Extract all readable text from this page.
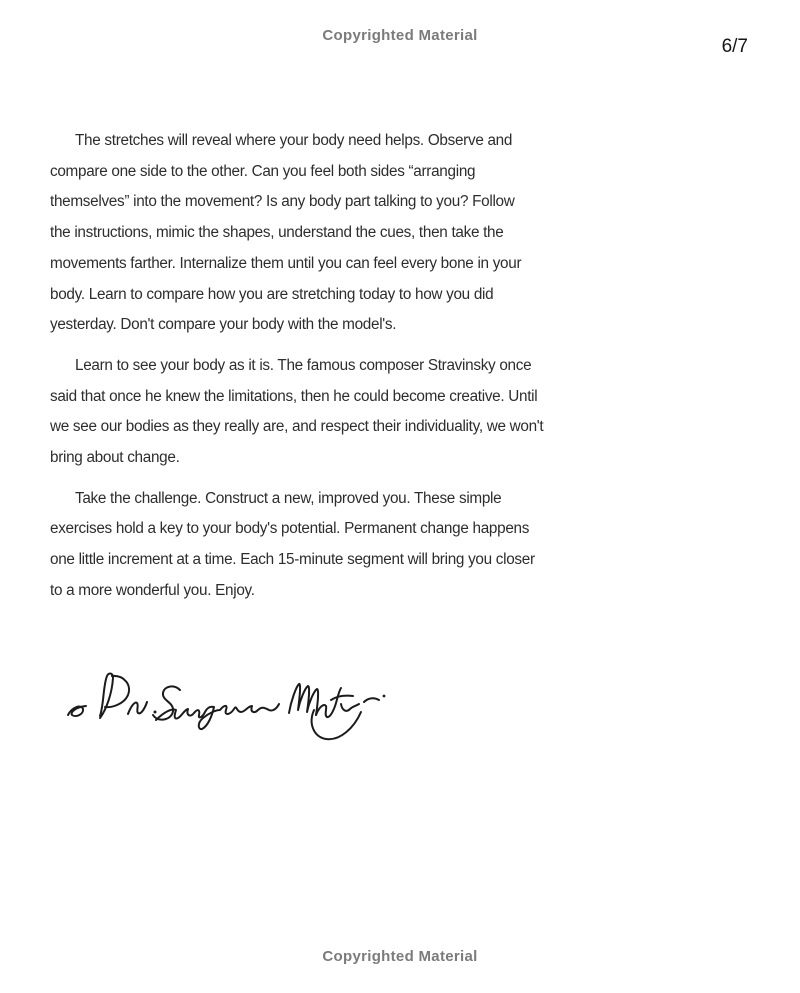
Copyrighted Material
6/7
The stretches will reveal where your body need helps. Observe and
compare one side to the other. Can you feel both sides “arranging
themselves” into the movement? Is any body part talking to you? Follow
the instructions, mimic the shapes, understand the cues, then take the
movements farther. Internalize them until you can feel every bone in your
body. Learn to compare how you are stretching today to how you did
yesterday. Don't compare your body with the model's.
Learn to see your body as it is. The famous composer Stravinsky once
said that once he knew the limitations, then he could become creative. Until
we see our bodies as they really are, and respect their individuality, we won't
bring about change.
Take the challenge. Construct a new, improved you. These simple
exercises hold a key to your body's potential. Permanent change happens
one little increment at a time. Each 15-minute segment will bring you closer
to a more wonderful you. Enjoy.
Copyrighted Material
